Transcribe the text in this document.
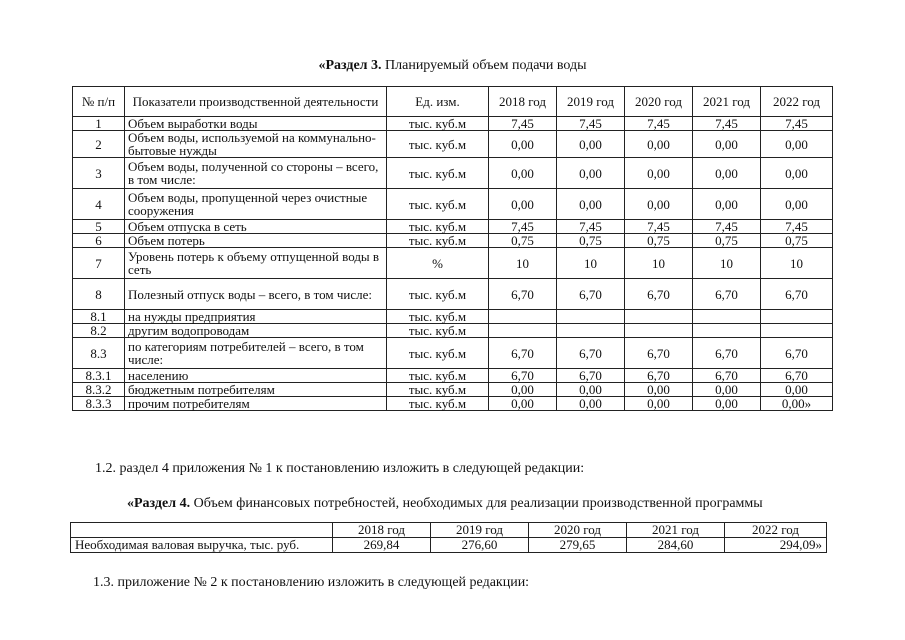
«Раздел 3. Планируемый объем подачи воды
№ п/п	Показатели производственной деятельности	Ед. изм.	2018 год	2019 год	2020 год	2021 год	2022 год
1	Объем выработки воды	тыс. куб.м	7,45	7,45	7,45	7,45	7,45
2	Объем воды, используемой на коммунально-бытовые нужды	тыс. куб.м	0,00	0,00	0,00	0,00	0,00
3	Объем воды, полученной со стороны – всего, в том числе:	тыс. куб.м	0,00	0,00	0,00	0,00	0,00
4	Объем воды, пропущенной через очистные сооружения	тыс. куб.м	0,00	0,00	0,00	0,00	0,00
5	Объем отпуска в сеть	тыс. куб.м	7,45	7,45	7,45	7,45	7,45
6	Объем потерь	тыс. куб.м	0,75	0,75	0,75	0,75	0,75
7	Уровень потерь к объему отпущенной воды в сеть	%	10	10	10	10	10
8	Полезный отпуск воды – всего, в том числе:	тыс. куб.м	6,70	6,70	6,70	6,70	6,70
8.1	на нужды предприятия	тыс. куб.м					
8.2	другим водопроводам	тыс. куб.м					
8.3	по категориям потребителей – всего, в том числе:	тыс. куб.м	6,70	6,70	6,70	6,70	6,70
8.3.1	населению	тыс. куб.м	6,70	6,70	6,70	6,70	6,70
8.3.2	бюджетным потребителям	тыс. куб.м	0,00	0,00	0,00	0,00	0,00
8.3.3	прочим потребителям	тыс. куб.м	0,00	0,00	0,00	0,00	0,00»
1.2. раздел 4 приложения № 1 к постановлению изложить в следующей редакции:
«Раздел 4. Объем финансовых потребностей, необходимых для реализации производственной программы
	2018 год	2019 год	2020 год	2021 год	2022 год
Необходимая валовая выручка, тыс. руб.	269,84	276,60	279,65	284,60	294,09»
1.3. приложение № 2 к постановлению изложить в следующей редакции:
